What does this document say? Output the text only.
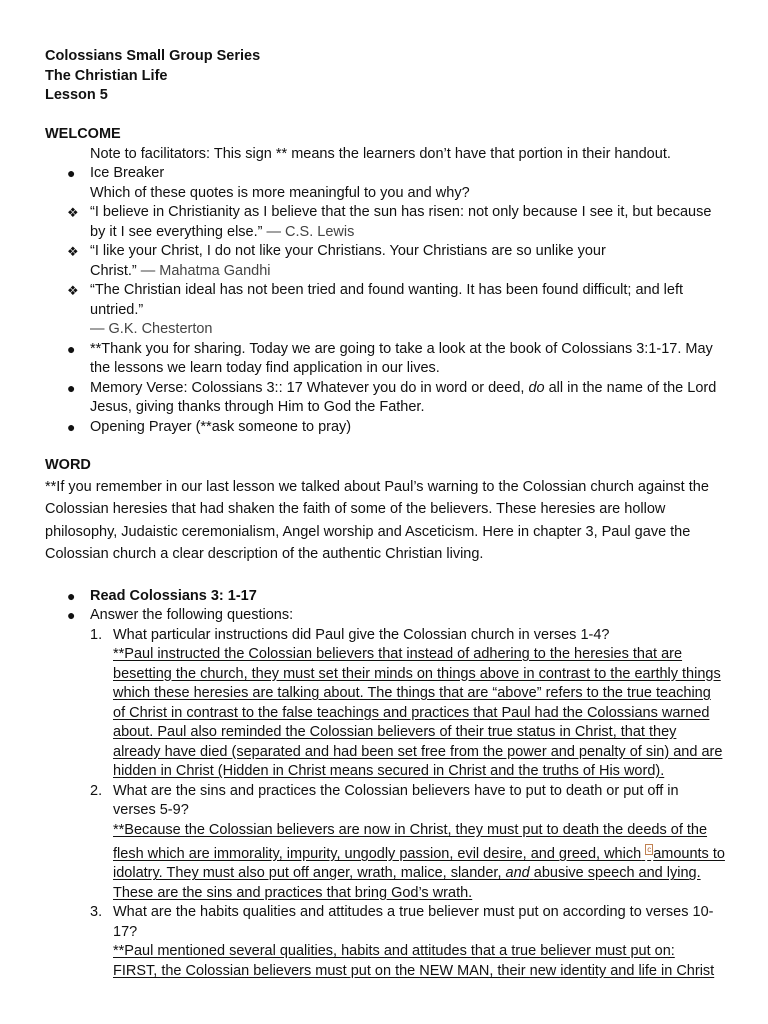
Colossians Small Group Series
The Christian Life
Lesson 5
WELCOME
Note to facilitators: This sign ** means the learners don’t have that portion in their handout.
● Ice Breaker
Which of these quotes is more meaningful to you and why?
❖ “I believe in Christianity as I believe that the sun has risen: not only because I see it, but because by it I see everything else.” — C.S. Lewis
❖ “I like your Christ, I do not like your Christians. Your Christians are so unlike your Christ.” — Mahatma Gandhi
❖ “The Christian ideal has not been tried and found wanting. It has been found difficult; and left untried.”
— G.K. Chesterton
● **Thank you for sharing. Today we are going to take a look at the book of Colossians 3:1-17. May the lessons we learn today find application in our lives.
● Memory Verse: Colossians 3:: 17 Whatever you do in word or deed, do all in the name of the Lord Jesus, giving thanks through Him to God the Father.
● Opening Prayer (**ask someone to pray)
WORD

**If you remember in our last lesson we talked about Paul’s warning to the Colossian church against the Colossian heresies that had shaken the faith of some of the believers. These heresies are hollow philosophy, Judaistic ceremonialism, Angel worship and Asceticism. Here in chapter 3, Paul gave the Colossian church a clear description of the authentic Christian living.

● Read Colossians 3: 1-17
● Answer the following questions:
1. What particular instructions did Paul give the Colossian church in verses 1-4?
**Paul instructed the Colossian believers that instead of adhering to the heresies that are besetting the church, they must set their minds on things above in contrast to the earthly things which these heresies are talking about. The things that are “above” refers to the true teaching of Christ in contrast to the false teachings and practices that Paul had the Colossians warned about. Paul also reminded the Colossian believers of their true status in Christ, that they already have died (separated and had been set free from the power and penalty of sin) and are hidden in Christ (Hidden in Christ means secured in Christ and the truths of His word).
2. What are the sins and practices the Colossian believers have to put to death or put off in verses 5-9?
**Because the Colossian believers are now in Christ, they must put to death the deeds of the flesh which are immorality, impurity, ungodly passion, evil desire, and greed, which $^c$ amounts to idolatry. They must also put off anger, wrath, malice, slander, and abusive speech and lying. These are the sins and practices that bring God’s wrath.
3. What are the habits qualities and attitudes a true believer must put on according to verses 10-17?
**Paul mentioned several qualities, habits and attitudes that a true believer must put on:
FIRST, the Colossian believers must put on the NEW MAN, their new identity and life in Christ
